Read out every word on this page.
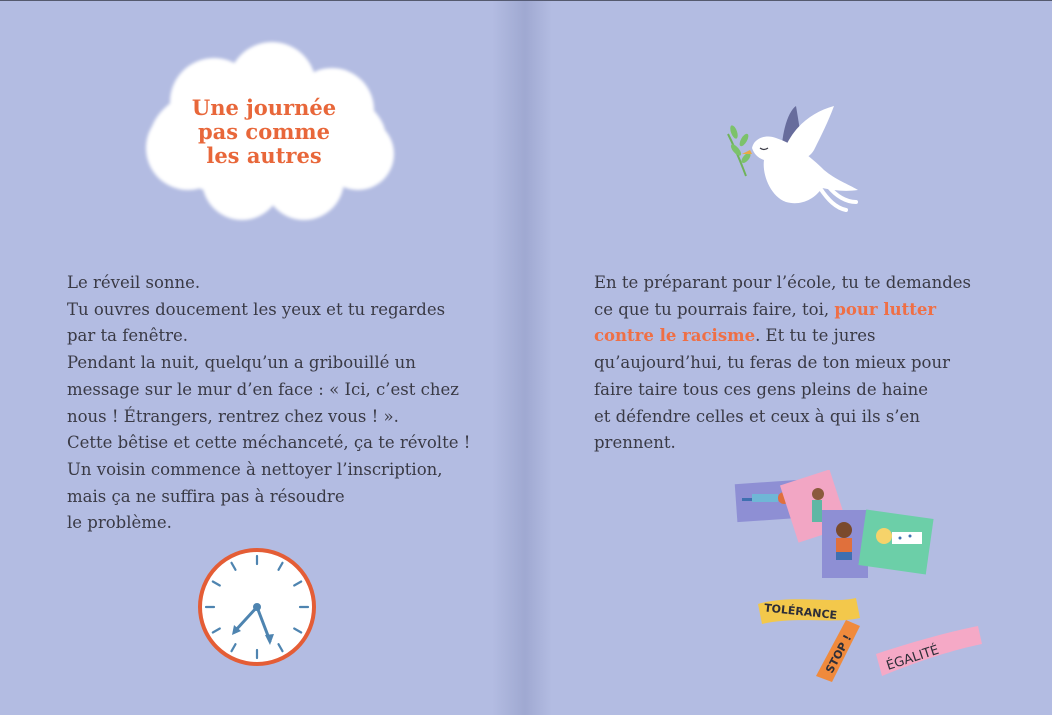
Une journée
pas comme
les autres

Le réveil sonne.
Tu ouvres doucement les yeux et tu regardes
par ta fenêtre.
Pendant la nuit, quelqu’un a gribouillé un
message sur le mur d’en face : « Ici, c’est chez
nous ! Étrangers, rentrez chez vous ! ».
Cette bêtise et cette méchanceté, ça te révolte !
Un voisin commence à nettoyer l’inscription,
mais ça ne suffira pas à résoudre
le problème.

En te préparant pour l’école, tu te demandes
ce que tu pourrais faire, toi, pour lutter
contre le racisme. Et tu te jures
qu’aujourd’hui, tu feras de ton mieux pour
faire taire tous ces gens pleins de haine
et défendre celles et ceux à qui ils s’en
prennent.

TOLÉRANCE
STOP ! ÉGALITÉ
